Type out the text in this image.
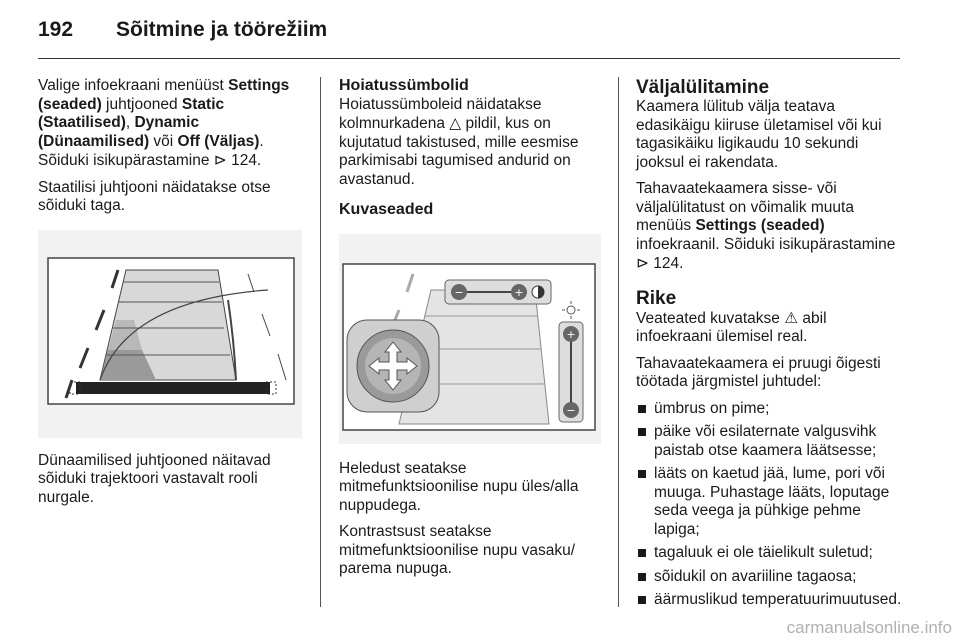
192 Sõitmine ja töörežiim

Valige infoekraani menüüst Settings (seaded) juhtjooned Static (Staatilised), Dynamic (Dünaamilised) või Off (Väljas).
Sõiduki isikupärastamine ⊳ 124.

Staatilisi juhtjooni näidatakse otse sõiduki taga.

Dünaamilised juhtjooned näitavad sõiduki trajektoori vastavalt rooli nurgale.

Hoiatussümbolid

Hoiatussümboleid näidatakse kolmnurkadena △ pildil, kus on kujutatud takistused, mille eesmise parkimisabi tagumised andurid on avastanud.

Kuvaseaded
−	+
+
−

Heledust seatakse
mitmefunktsioonilise nupu üles/alla nuppudega.

Kontrastsust seatakse
mitmefunktsioonilise nupu vasaku/ parema nupuga.

Väljalülitamine

Kaamera lülitub välja teatava edasikäigu kiiruse ületamisel või kui tagasikäiku ligikaudu 10 sekundi jooksul ei rakendata.

Tahavaatekaamera sisse- või väljalülitatust on võimalik muuta menüüs Settings (seaded) infoekraanil. Sõiduki isikupärastamine ⊳ 124.

Rike

Veateated kuvatakse ⚠ abil infoekraani ülemisel real.

Tahavaatekaamera ei pruugi õigesti töötada järgmistel juhtudel:

ümbrus on pime;
päike või esilaternate valgusvihk paistab otse kaamera läätsesse;
lääts on kaetud jää, lume, pori või muuga. Puhastage lääts, loputage seda veega ja pühkige pehme lapiga;
tagaluuk ei ole täielikult suletud;
sõidukil on avariiline tagaosa;
äärmuslikud temperatuurimuutused.
carmanualsonline.info
